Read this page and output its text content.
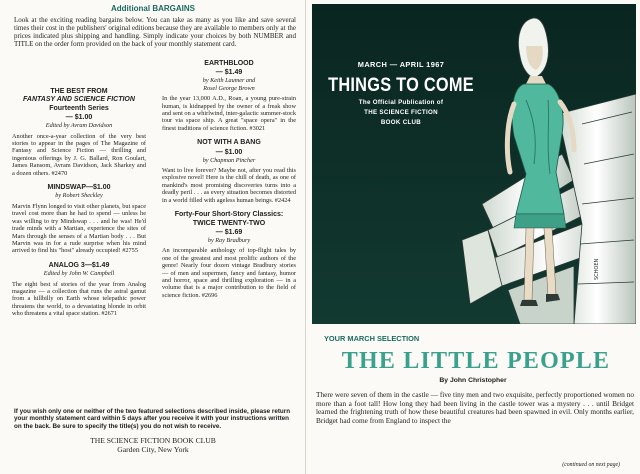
Additional BARGAINS
Look at the exciting reading bargains below. You can take as many as you like and save several times their cost in the publishers' original editions because they are available to members only at the prices indicated plus shipping and handling. Simply indicate your choices by both NUMBER and TITLE on the order form provided on the back of your monthly statement card.
THE BEST FROM
FANTASY AND SCIENCE FICTION
Fourteenth Series
— $1.00
Edited by Avram Davidson
Another once-a-year collection of the very best stories to appear in the pages of The Magazine of Fantasy and Science Fiction — thrilling and ingenious offerings by J. G. Ballard, Ron Goulart, James Ransom, Avram Davidson, Jack Sharkey and a dozen others. #2470
MINDSWAP—$1.00
by Robert Sheckley
Marvin Flynn longed to visit other planets, but space travel cost more than he had to spend — unless he was willing to try Mindswap . . . and he was! He'd trade minds with a Martian, experience the sites of Mars through the senses of a Martian body . . . But Marvin was in for a rude surprise when his mind arrived to find his "host" already occupied! #2755
ANALOG 3—$1.49
Edited by John W. Campbell
The eight best sf stories of the year from Analog magazine — a collection that runs the astral gamut from a hillbilly on Earth whose telepathic power threatens the world, to a devastating blonde in orbit who threatens a vital space station. #2671
EARTHBLOOD
— $1.49
by Keith Laumer and
Rosel George Brown
In the year 13,000 A.D., Roan, a young pure-strain human, is kidnapped by the owner of a freak show and sent on a whirlwind, inter-galactic summer-stock tour via space ship. A great "space opera" in the finest traditions of science fiction. #3021
NOT WITH A BANG
— $1.00
by Chapman Pincher
Want to live forever? Maybe not, after you read this explosive novel! Here is the chill of death, as one of mankind's most promising discoveries turns into a deadly peril . . . as every situation becomes distorted in a world filled with ageless human beings. #2424
Forty-Four Short-Story Classics:
TWICE TWENTY-TWO
— $1.69
by Ray Bradbury
An incomparable anthology of top-flight tales by one of the greatest and most prolific authors of the genre! Nearly four dozen vintage Bradbury stories — of men and supermen, fancy and fantasy, humor and horror, space and thrilling exploration — in a volume that is a major contribution to the field of science fiction. #2696
If you wish only one or neither of the two featured selections described inside, please return your monthly statement card within 5 days after you receive it with your instructions written on the back. Be sure to specify the title(s) you do not wish to receive.
THE SCIENCE FICTION BOOK CLUB
Garden City, New York
SCHOEN
MARCH — APRIL 1967
THINGS TO COME
The Official Publication of
THE SCIENCE FICTION
BOOK CLUB
YOUR MARCH SELECTION
THE LITTLE PEOPLE
By John Christopher
There were seven of them in the castle — five tiny men and two exquisite, perfectly proportioned women no more than a foot tall! How long they had been living in the castle tower was a mystery . . . until Bridget learned the frightening truth of how these beautiful creatures had been spawned in evil. Only months earlier, Bridget had come from England to inspect the
(continued on next page)
